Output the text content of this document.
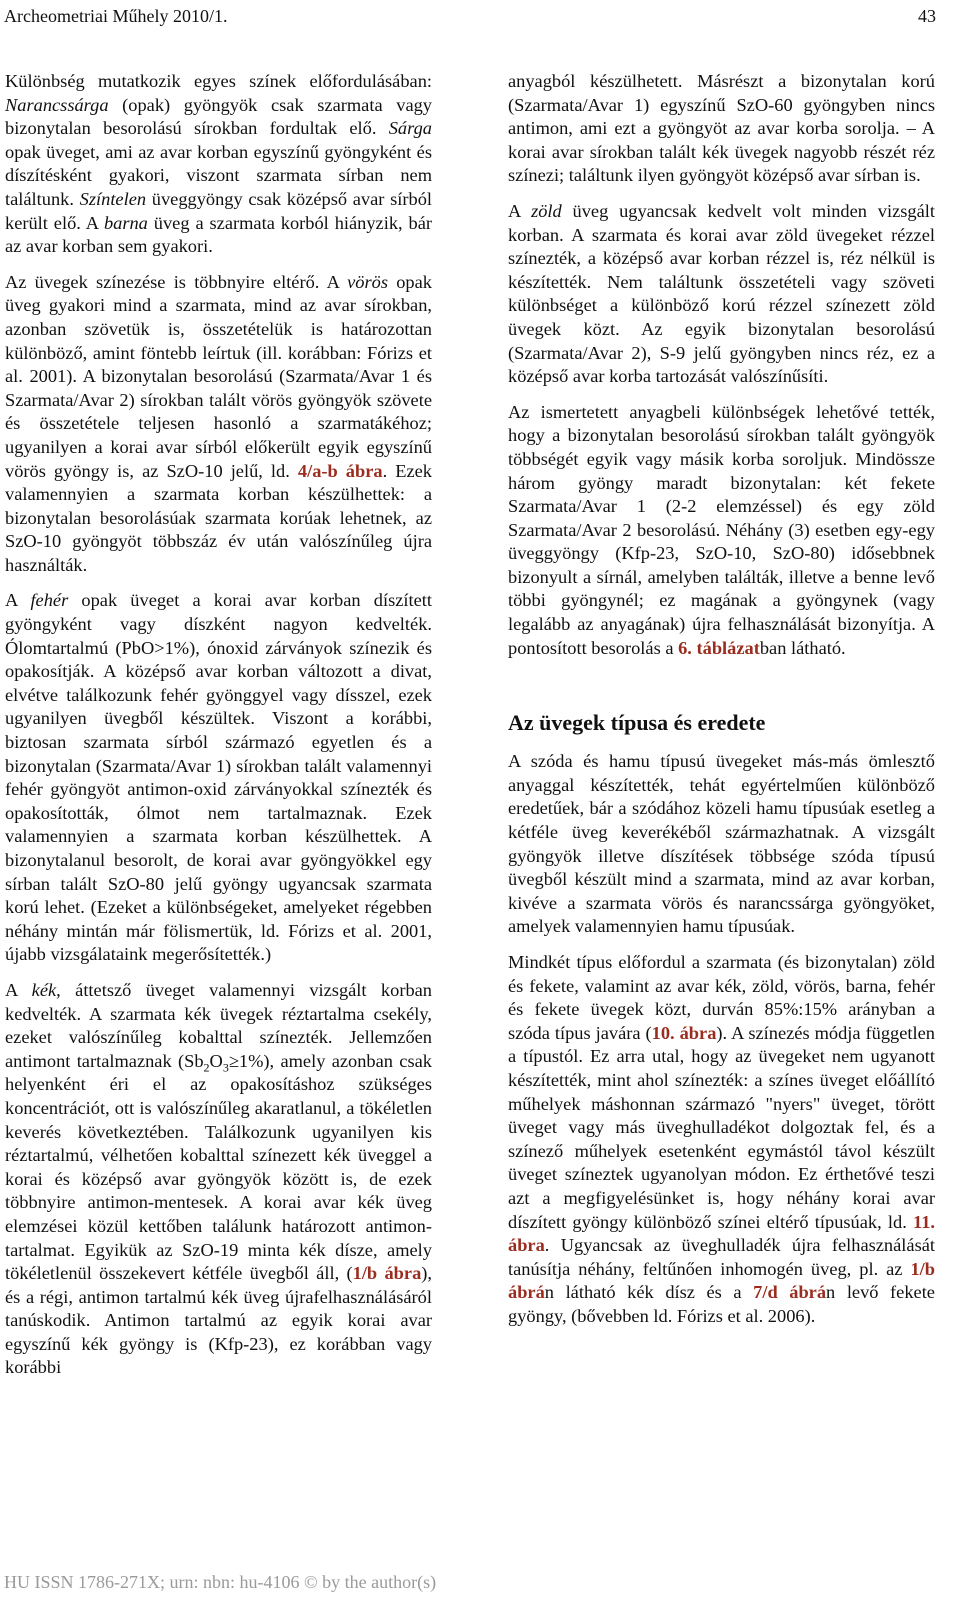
Archeometriai Műhely 2010/1.	43

Különbség mutatkozik egyes színek előfordulásában: Narancssárga (opak) gyöngyök csak szarmata vagy bizonytalan besorolású sírokban fordultak elő. Sárga opak üveget, ami az avar korban egyszínű gyöngyként és díszítésként gyakori, viszont szarmata sírban nem találtunk. Színtelen üveggyöngy csak középső avar sírból került elő. A barna üveg a szarmata korból hiányzik, bár az avar korban sem gyakori.

Az üvegek színezése is többnyire eltérő. A vörös opak üveg gyakori mind a szarmata, mind az avar sírokban, azonban szövetük is, összetételük is határozottan különböző, amint föntebb leírtuk (ill. korábban: Fórizs et al. 2001). A bizonytalan besorolású (Szarmata/Avar 1 és Szarmata/Avar 2) sírokban talált vörös gyöngyök szövete és összetétele teljesen hasonló a szarmatákéhoz; ugyanilyen a korai avar sírból előkerült egyik egyszínű vörös gyöngy is, az SzO-10 jelű, ld. 4/a-b ábra. Ezek valamennyien a szarmata korban készülhettek: a bizonytalan besorolásúak szarmata korúak lehetnek, az SzO-10 gyöngyöt többszáz év után valószínűleg újra használták.

A fehér opak üveget a korai avar korban díszített gyöngyként vagy díszként nagyon kedvelték. Ólomtartalmú (PbO>1%), ónoxid zárványok színezik és opakosítják. A középső avar korban változott a divat, elvétve találkozunk fehér gyönggyel vagy dísszel, ezek ugyanilyen üvegből készültek. Viszont a korábbi, biztosan szarmata sírból származó egyetlen és a bizonytalan (Szarmata/Avar 1) sírokban talált valamennyi fehér gyöngyöt antimon-oxid zárványokkal színezték és opakosították, ólmot nem tartalmaznak. Ezek valamennyien a szarmata korban készülhettek. A bizonytalanul besorolt, de korai avar gyöngyökkel egy sírban talált SzO-80 jelű gyöngy ugyancsak szarmata korú lehet. (Ezeket a különbségeket, amelyeket régebben néhány mintán már fölismertük, ld. Fórizs et al. 2001, újabb vizsgálataink megerősítették.)

A kék, áttetsző üveget valamennyi vizsgált korban kedvelték. A szarmata kék üvegek réztartalma csekély, ezeket valószínűleg kobalttal színezték. Jellemzően antimont tartalmaznak $(Sb_2O_3\ge 1\%)$, amely azonban csak helyenként éri el az opakosításhoz szükséges koncentrációt, ott is valószínűleg akaratlanul, a tökéletlen keverés következtében. Találkozunk ugyanilyen kis réztartalmú, vélhetően kobalttal színezett kék üveggel a korai és középső avar gyöngyök között is, de ezek többnyire antimon-mentesek. A korai avar kék üveg elemzései közül kettőben találunk határozott antimon-tartalmat. Egyikük az SzO-19 minta kék dísze, amely tökéletlenül összekevert kétféle üvegből áll, (1/b ábra), és a régi, antimon tartalmú kék üveg újrafelhasználásáról tanúskodik. Antimon tartalmú az egyik korai avar egyszínű kék gyöngy is (Kfp-23), ez korábban vagy korábbi

anyagból készülhetett. Másrészt a bizonytalan korú (Szarmata/Avar 1) egyszínű SzO-60 gyöngyben nincs antimon, ami ezt a gyöngyöt az avar korba sorolja. – A korai avar sírokban talált kék üvegek nagyobb részét réz színezi; találtunk ilyen gyöngyöt középső avar sírban is.

A zöld üveg ugyancsak kedvelt volt minden vizsgált korban. A szarmata és korai avar zöld üvegeket rézzel színezték, a középső avar korban rézzel is, réz nélkül is készítették. Nem találtunk összetételi vagy szöveti különbséget a különböző korú rézzel színezett zöld üvegek közt. Az egyik bizonytalan besorolású (Szarmata/Avar 2), S-9 jelű gyöngyben nincs réz, ez a középső avar korba tartozását valószínűsíti.

Az ismertetett anyagbeli különbségek lehetővé tették, hogy a bizonytalan besorolású sírokban talált gyöngyök többségét egyik vagy másik korba soroljuk. Mindössze három gyöngy maradt bizonytalan: két fekete Szarmata/Avar 1 (2-2 elemzéssel) és egy zöld Szarmata/Avar 2 besorolású. Néhány (3) esetben egy-egy üveggyöngy (Kfp-23, SzO-10, SzO-80) idősebbnek bizonyult a sírnál, amelyben találták, illetve a benne levő többi gyöngynél; ez magának a gyöngynek (vagy legalább az anyagának) újra felhasználását bizonyítja. A pontosított besorolás a 6. táblázatban látható.

Az üvegek típusa és eredete

A szóda és hamu típusú üvegeket más-más ömlesztő anyaggal készítették, tehát egyértelműen különböző eredetűek, bár a szódához közeli hamu típusúak esetleg a kétféle üveg keverékéből származhatnak. A vizsgált gyöngyök illetve díszítések többsége szóda típusú üvegből készült mind a szarmata, mind az avar korban, kivéve a szarmata vörös és narancssárga gyöngyöket, amelyek valamennyien hamu típusúak.

Mindkét típus előfordul a szarmata (és bizonytalan) zöld és fekete, valamint az avar kék, zöld, vörös, barna, fehér és fekete üvegek közt, durván 85%:15% arányban a szóda típus javára (10. ábra). A színezés módja független a típustól. Ez arra utal, hogy az üvegeket nem ugyanott készítették, mint ahol színezték: a színes üveget előállító műhelyek máshonnan származó "nyers" üveget, törött üveget vagy más üveghulladékot dolgoztak fel, és a színező műhelyek esetenként egymástól távol készült üveget színeztek ugyanolyan módon. Ez érthetővé teszi azt a megfigyelésünket is, hogy néhány korai avar díszített gyöngy különböző színei eltérő típusúak, ld. 11. ábra. Ugyancsak az üveghulladék újra felhasználását tanúsítja néhány, feltűnően inhomogén üveg, pl. az 1/b ábrán látható kék dísz és a 7/d ábrán levő fekete gyöngy, (bővebben ld. Fórizs et al. 2006).

HU ISSN 1786-271X; urn: nbn: hu-4106 © by the author(s)
